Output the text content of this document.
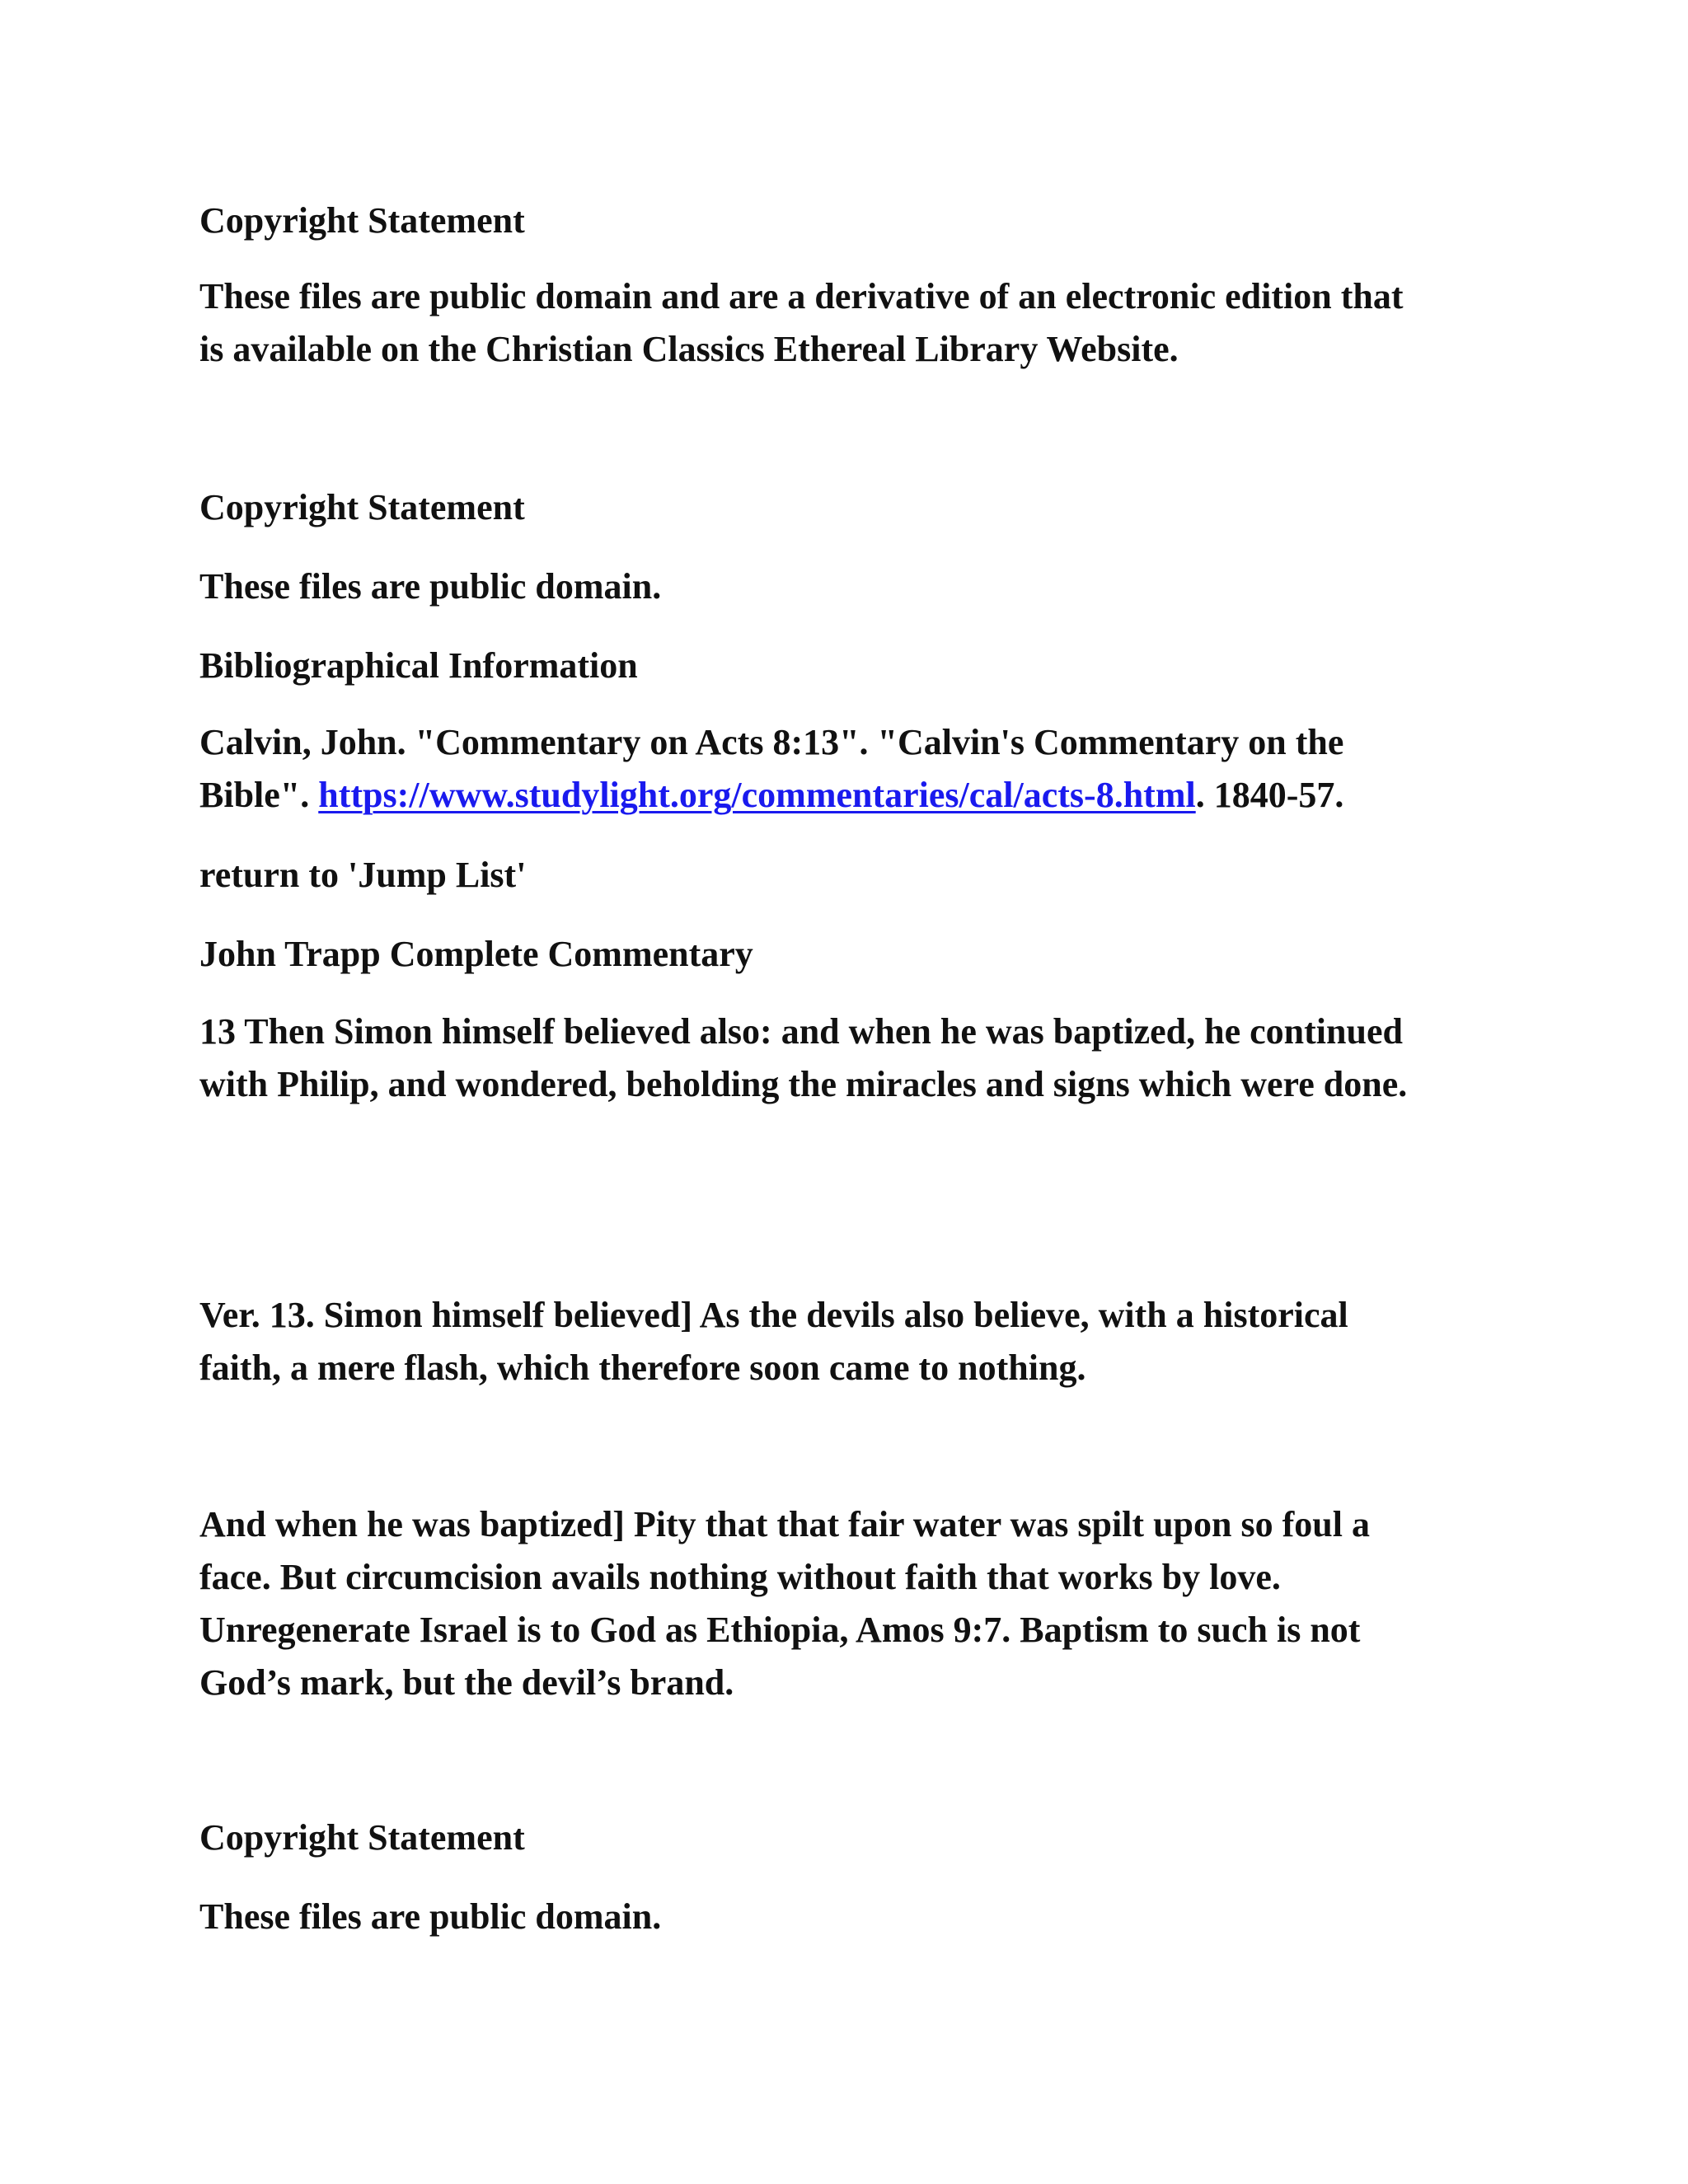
Copyright Statement

These files are public domain and are a derivative of an electronic edition that
is available on the Christian Classics Ethereal Library Website.

Copyright Statement

These files are public domain.

Bibliographical Information

Calvin, John. "Commentary on Acts 8:13". "Calvin's Commentary on the
Bible". https://www.studylight.org/commentaries/cal/acts-8.html. 1840-57.

return to 'Jump List'

John Trapp Complete Commentary

13 Then Simon himself believed also: and when he was baptized, he continued
with Philip, and wondered, beholding the miracles and signs which were done.

Ver. 13. Simon himself believed] As the devils also believe, with a historical
faith, a mere flash, which therefore soon came to nothing.

And when he was baptized] Pity that that fair water was spilt upon so foul a
face. But circumcision avails nothing without faith that works by love.
Unregenerate Israel is to God as Ethiopia, Amos 9:7. Baptism to such is not
God’s mark, but the devil’s brand.

Copyright Statement

These files are public domain.
